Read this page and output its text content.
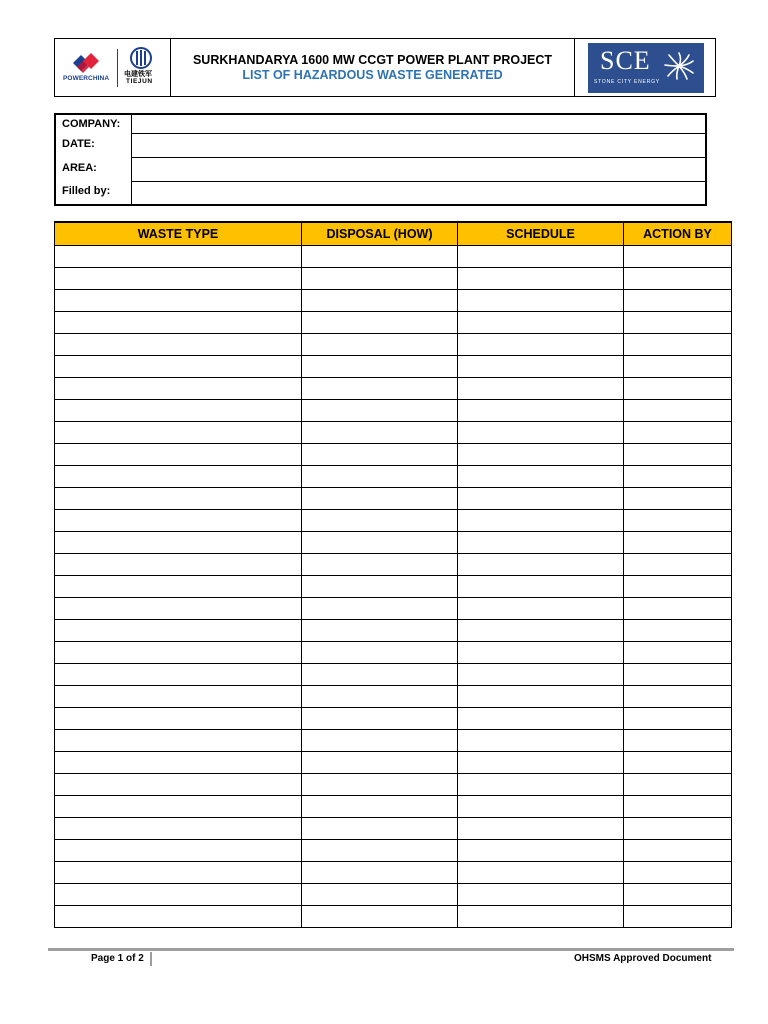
POWERCHINA
电建铁军
TIEJUN
SURKHANDARYA 1600 MW CCGT POWER PLANT PROJECT
LIST OF HAZARDOUS WASTE GENERATED	SCE
STONE CITY ENERGY
COMPANY:
DATE:
AREA:
Filled by:
WASTE TYPE	DISPOSAL (HOW)	SCHEDULE	ACTION BY

Page 1 of 2	OHSMS Approved Document
